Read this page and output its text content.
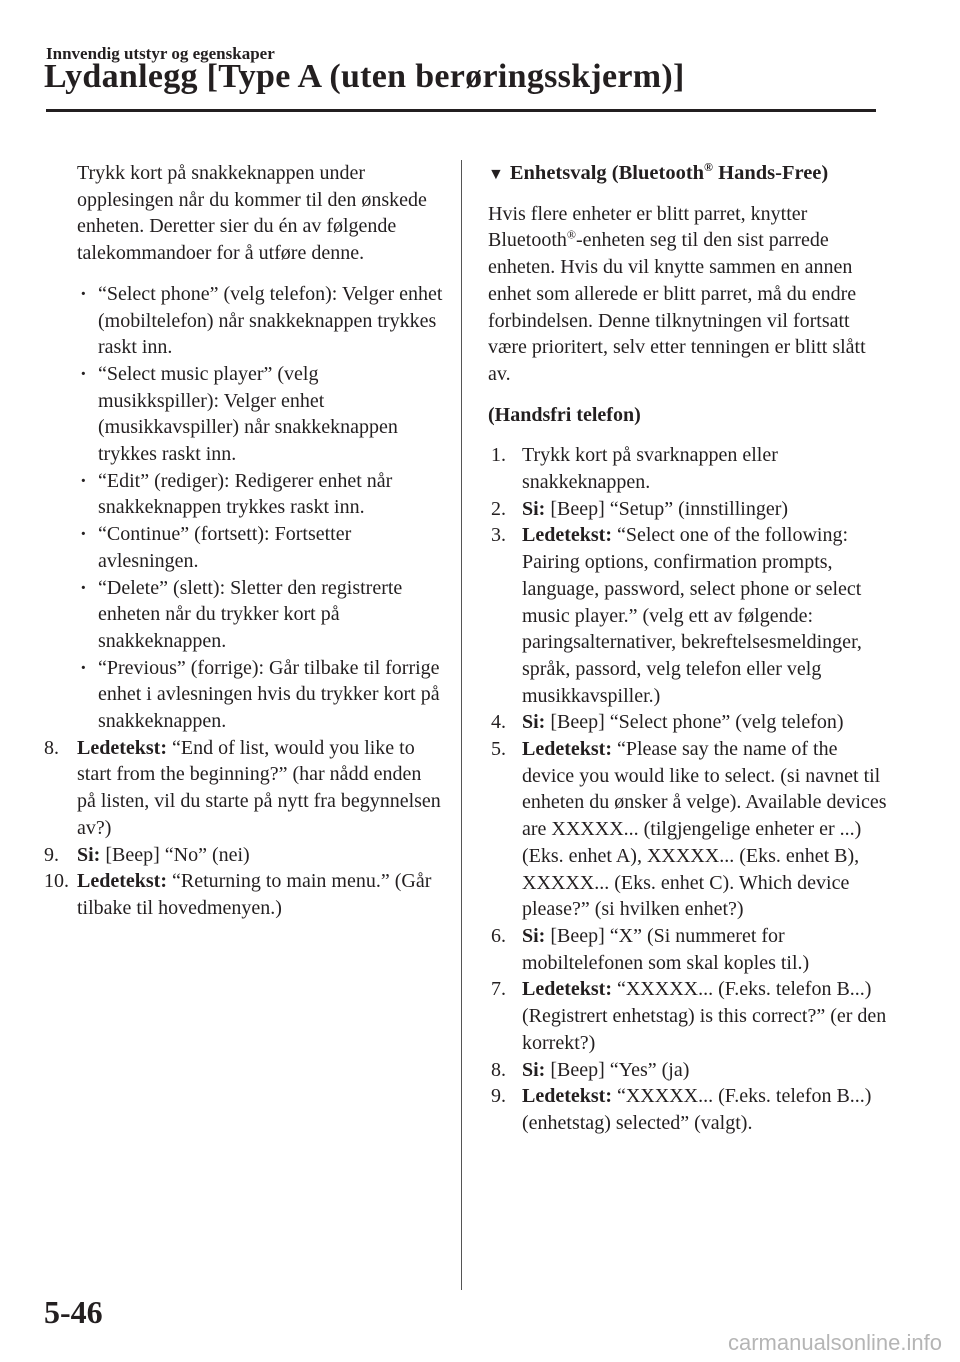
Innvendig utstyr og egenskaper
Lydanlegg [Type A (uten berøringsskjerm)]

Trykk kort på snakkeknappen under opplesingen når du kommer til den ønskede enheten. Deretter sier du én av følgende talekommandoer for å utføre denne.

· “Select phone” (velg telefon): Velger enhet (mobiltelefon) når snakkeknappen trykkes raskt inn.
· “Select music player” (velg musikkspiller): Velger enhet (musikkavspiller) når snakkeknappen trykkes raskt inn.
· “Edit” (rediger): Redigerer enhet når snakkeknappen trykkes raskt inn.
· “Continue” (fortsett): Fortsetter avlesningen.
· “Delete” (slett): Sletter den registrerte enheten når du trykker kort på snakkeknappen.
· “Previous” (forrige): Går tilbake til forrige enhet i avlesningen hvis du trykker kort på snakkeknappen.
8. Ledetekst: “End of list, would you like to start from the beginning?” (har nådd enden på listen, vil du starte på nytt fra begynnelsen av?)
9. Si: [Beep] “No” (nei)
10. Ledetekst: “Returning to main menu.” (Går tilbake til hovedmenyen.)
▼ Enhetsvalg (Bluetooth® Hands-Free)

Hvis flere enheter er blitt parret, knytter Bluetooth®-enheten seg til den sist parrede enheten. Hvis du vil knytte sammen en annen enhet som allerede er blitt parret, må du endre forbindelsen. Denne tilknytningen vil fortsatt være prioritert, selv etter tenningen er blitt slått av.

(Handsfri telefon)

1. Trykk kort på svarknappen eller snakkeknappen.
2. Si: [Beep] “Setup” (innstillinger)
3. Ledetekst: “Select one of the following: Pairing options, confirmation prompts, language, password, select phone or select music player.” (velg ett av følgende: paringsalternativer, bekreftelsesmeldinger, språk, passord, velg telefon eller velg musikkavspiller.)
4. Si: [Beep] “Select phone” (velg telefon)
5. Ledetekst: “Please say the name of the device you would like to select. (si navnet til enheten du ønsker å velge). Available devices are XXXXX... (tilgjengelige enheter er ...) (Eks. enhet A), XXXXX... (Eks. enhet B), XXXXX... (Eks. enhet C). Which device please?” (si hvilken enhet?)
6. Si: [Beep] “X” (Si nummeret for mobiltelefonen som skal koples til.)
7. Ledetekst: “XXXXX... (F.eks. telefon B...) (Registrert enhetstag) is this correct?” (er den korrekt?)
8. Si: [Beep] “Yes” (ja)
9. Ledetekst: “XXXXX... (F.eks. telefon B...) (enhetstag) selected” (valgt).
5-46
carmanualsonline.info
